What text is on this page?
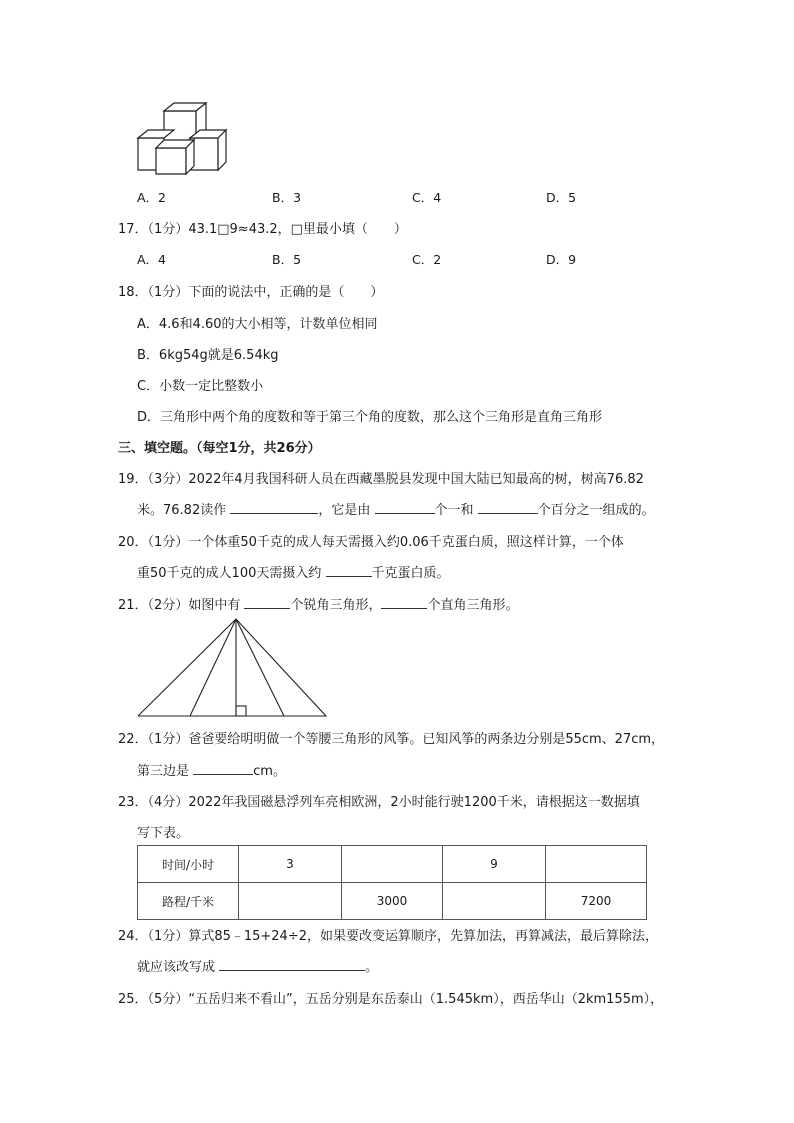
A．2	B．3	C．4	D．5
17．（1分）43.1□9≈43.2，□里最小填（　　）
A．4	B．5	C．2	D．9
18．（1分）下面的说法中，正确的是（　　）
A．4.6和4.60的大小相等，计数单位相同
B．6kg54g就是6.54kg
C．小数一定比整数小
D．三角形中两个角的度数和等于第三个角的度数，那么这个三角形是直角三角形
三、填空题。（每空1分，共26分）
19．（3分）2022年4月我国科研人员在西藏墨脱县发现中国大陆已知最高的树，树高76.82
米。76.82读作	，它是由	个一和	个百分之一组成的。
20．（1分）一个体重50千克的成人每天需摄入约0.06千克蛋白质，照这样计算，一个体
重50千克的成人100天需摄入约	千克蛋白质。
21．（2分）如图中有	个锐角三角形，	个直角三角形。
22．（1分）爸爸要给明明做一个等腰三角形的风筝。已知风筝的两条边分别是55cm、27cm，
第三边是	cm。
23．（4分）2022年我国磁悬浮列车亮相欧洲，2小时能行驶1200千米，请根据这一数据填
写下表。
时间/小时	3		9	
路程/千米		3000		7200
24．（1分）算式85﹣15+24÷2，如果要改变运算顺序，先算加法，再算减法，最后算除法，
就应该改写成	。
25．（5分）“五岳归来不看山”，五岳分别是东岳泰山（1.545km），西岳华山（2km155m），
